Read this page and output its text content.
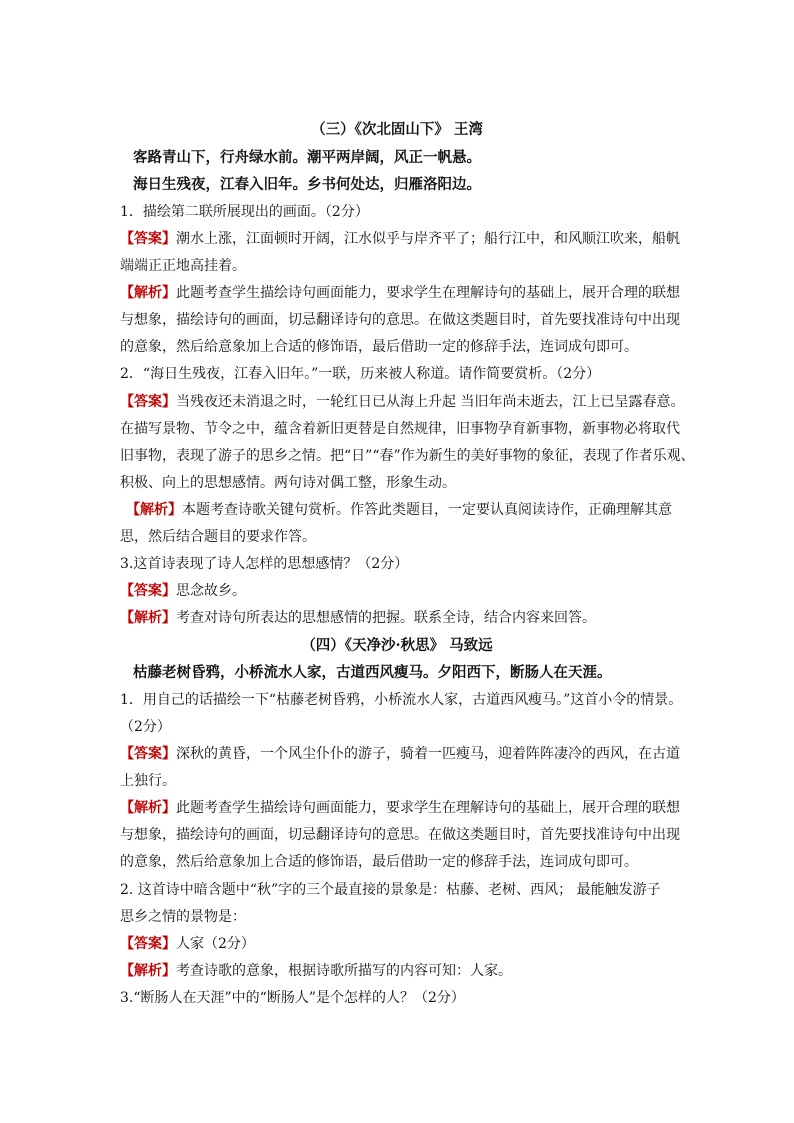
（三）《次北固山下》 王湾
客路青山下，行舟绿水前。潮平两岸阔，风正一帆悬。
海日生残夜，江春入旧年。乡书何处达，归雁洛阳边。
1．描绘第二联所展现出的画面。（2分）
【答案】潮水上涨，江面顿时开阔，江水似乎与岸齐平了；船行江中，和风顺江吹来，船帆
端端正正地高挂着。
【解析】此题考查学生描绘诗句画面能力，要求学生在理解诗句的基础上，展开合理的联想
与想象，描绘诗句的画面，切忌翻译诗句的意思。在做这类题目时，首先要找准诗句中出现
的意象，然后给意象加上合适的修饰语，最后借助一定的修辞手法，连词成句即可。
2．“海日生残夜，江春入旧年。”一联，历来被人称道。请作简要赏析。（2分）
【答案】当残夜还未消退之时，一轮红日已从海上升起 当旧年尚未逝去，江上已呈露春意。
在描写景物、节令之中，蕴含着新旧更替是自然规律，旧事物孕育新事物，新事物必将取代
旧事物，表现了游子的思乡之情。把“日”“春”作为新生的美好事物的象征，表现了作者乐观、
积极、向上的思想感情。两句诗对偶工整，形象生动。
【解析】本题考查诗歌关键句赏析。作答此类题目，一定要认真阅读诗作，正确理解其意
思，然后结合题目的要求作答。
3.这首诗表现了诗人怎样的思想感情？（2分）
【答案】思念故乡。
【解析】考查对诗句所表达的思想感情的把握。联系全诗，结合内容来回答。
（四）《天净沙·秋思》 马致远
枯藤老树昏鸦，小桥流水人家，古道西风瘦马。夕阳西下，断肠人在天涯。
1．用自己的话描绘一下“枯藤老树昏鸦，小桥流水人家，古道西风瘦马。”这首小令的情景。
（2分）
【答案】深秋的黄昏，一个风尘仆仆的游子，骑着一匹瘦马，迎着阵阵凄冷的西风，在古道
上独行。
【解析】此题考查学生描绘诗句画面能力，要求学生在理解诗句的基础上，展开合理的联想
与想象，描绘诗句的画面，切忌翻译诗句的意思。在做这类题目时，首先要找准诗句中出现
的意象，然后给意象加上合适的修饰语，最后借助一定的修辞手法，连词成句即可。
2. 这首诗中暗含题中“秋”字的三个最直接的景象是：枯藤、老树、西风； 最能触发游子
思乡之情的景物是：
【答案】人家（2分）
【解析】考查诗歌的意象，根据诗歌所描写的内容可知：人家。
3.“断肠人在天涯”中的“断肠人”是个怎样的人？（2分）
